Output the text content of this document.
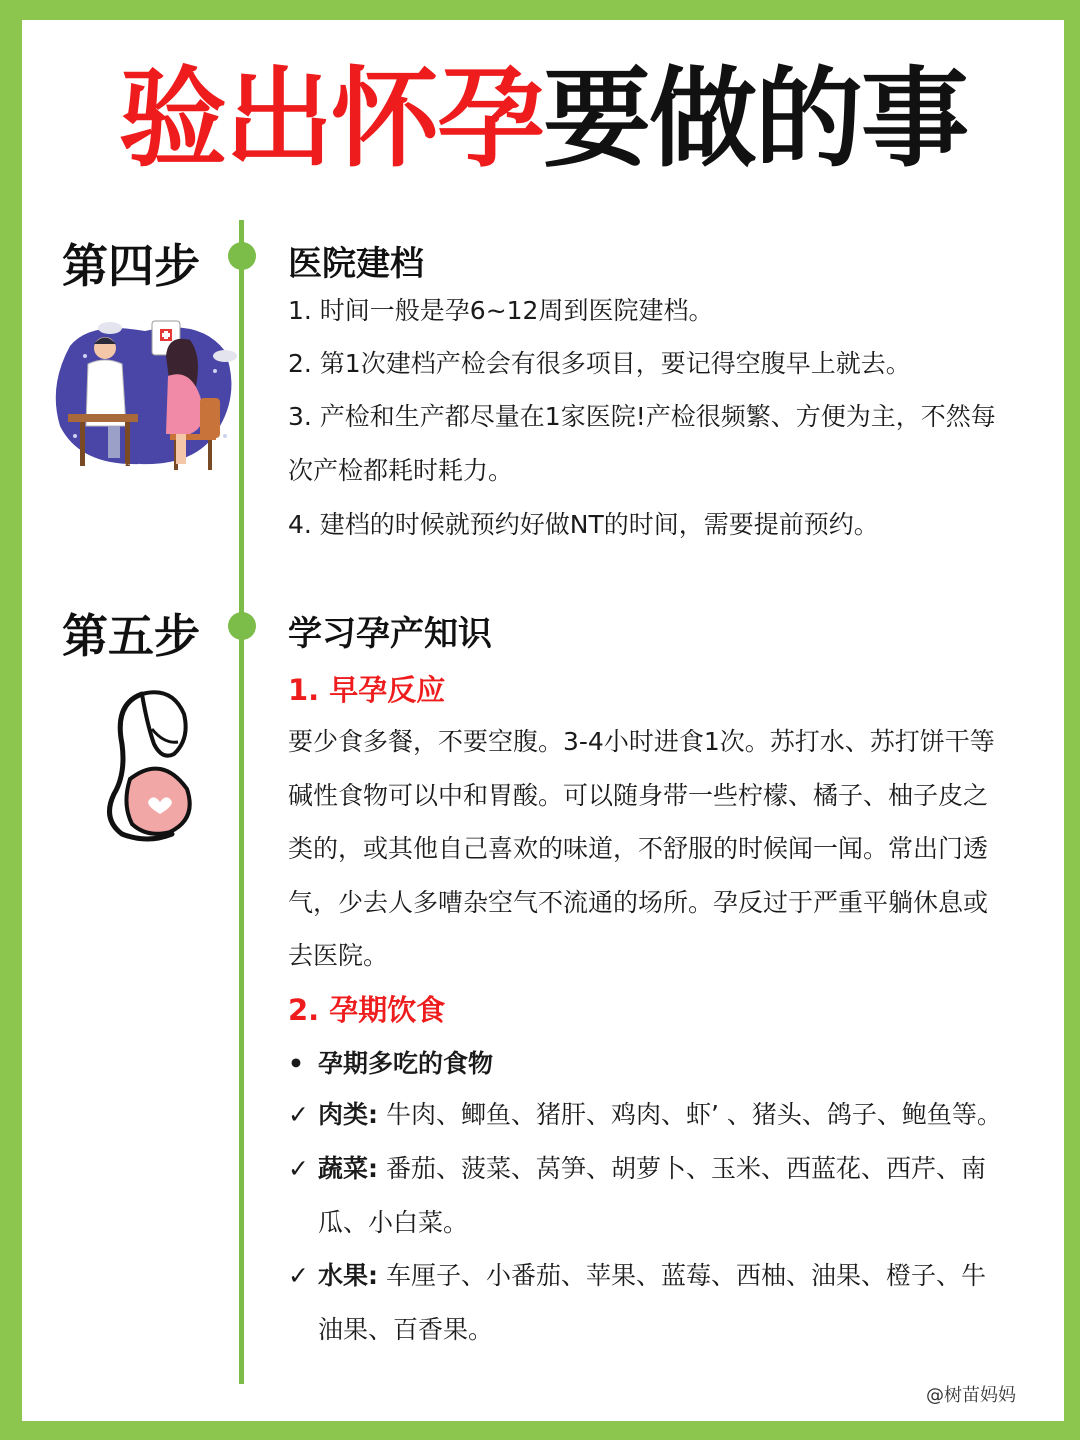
验出怀孕要做的事
第四步
@树苗妈妈
医院建档
1. 时间一般是孕6~12周到医院建档。
2. 第1次建档产检会有很多项目，要记得空腹早上就去。
3. 产检和生产都尽量在1家医院!产检很频繁、方便为主，不然每
次产检都耗时耗力。
4. 建档的时候就预约好做NT的时间，需要提前预约。
第五步	学习孕产知识
1. 早孕反应
要少食多餐，不要空腹。3-4小时进食1次。苏打水、苏打饼干等
碱性食物可以中和胃酸。可以随身带一些柠檬、橘子、柚子皮之
类的，或其他自己喜欢的味道，不舒服的时候闻一闻。常出门透
气，少去人多嘈杂空气不流通的场所。孕反过于严重平躺休息或
去医院。
2. 孕期饮食
• 孕期多吃的食物
✓ 肉类: 牛肉、鲫鱼、猪肝、鸡肉、虾’ 、猪头、鸽子、鲍鱼等。
✓ 蔬菜: 番茄、菠菜、莴笋、胡萝卜、玉米、西蓝花、西芹、南
瓜、小白菜。
✓ 水果: 车厘子、小番茄、苹果、蓝莓、西柚、油果、橙子、牛
油果、百香果。
@树苗妈妈
